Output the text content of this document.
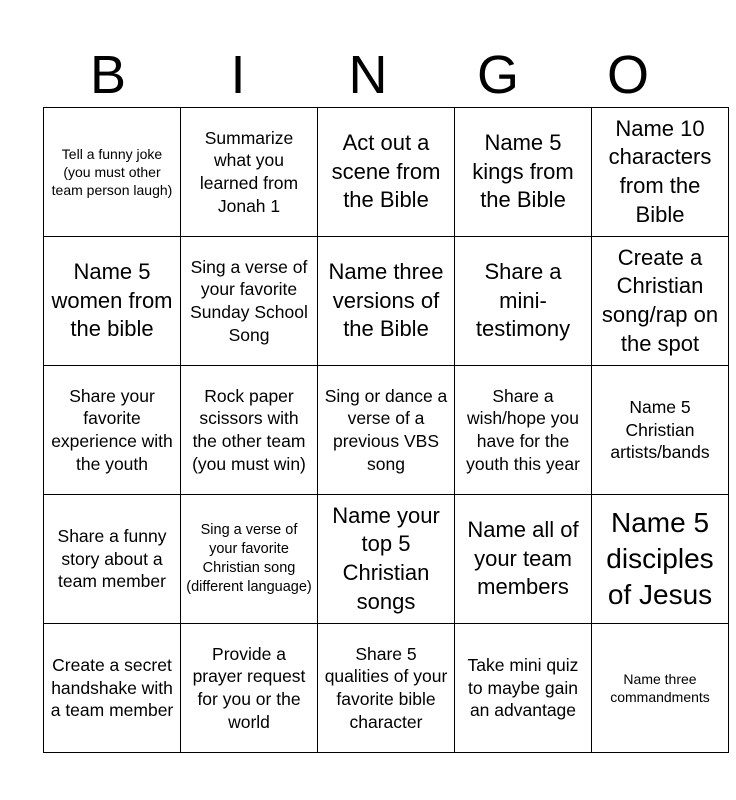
B	I	N	G	O
Tell a funny joke (you must other team person laugh)	Summarize what you learned from Jonah 1	Act out a scene from the Bible	Name 5 kings from the Bible	Name 10 characters from the Bible
Name 5 women from the bible	Sing a verse of your favorite Sunday School Song	Name three versions of the Bible	Share a mini-testimony	Create a Christian song/rap on the spot
Share your favorite experience with the youth	Rock paper scissors with the other team (you must win)	Sing or dance a verse of a previous VBS song	Share a wish/hope you have for the youth this year	Name 5 Christian artists/bands
Share a funny story about a team member	Sing a verse of your favorite Christian song (different language)	Name your top 5 Christian songs	Name all of your team members	Name 5 disciples of Jesus
Create a secret handshake with a team member	Provide a prayer request for you or the world	Share 5 qualities of your favorite bible character	Take mini quiz to maybe gain an advantage	Name three commandments
